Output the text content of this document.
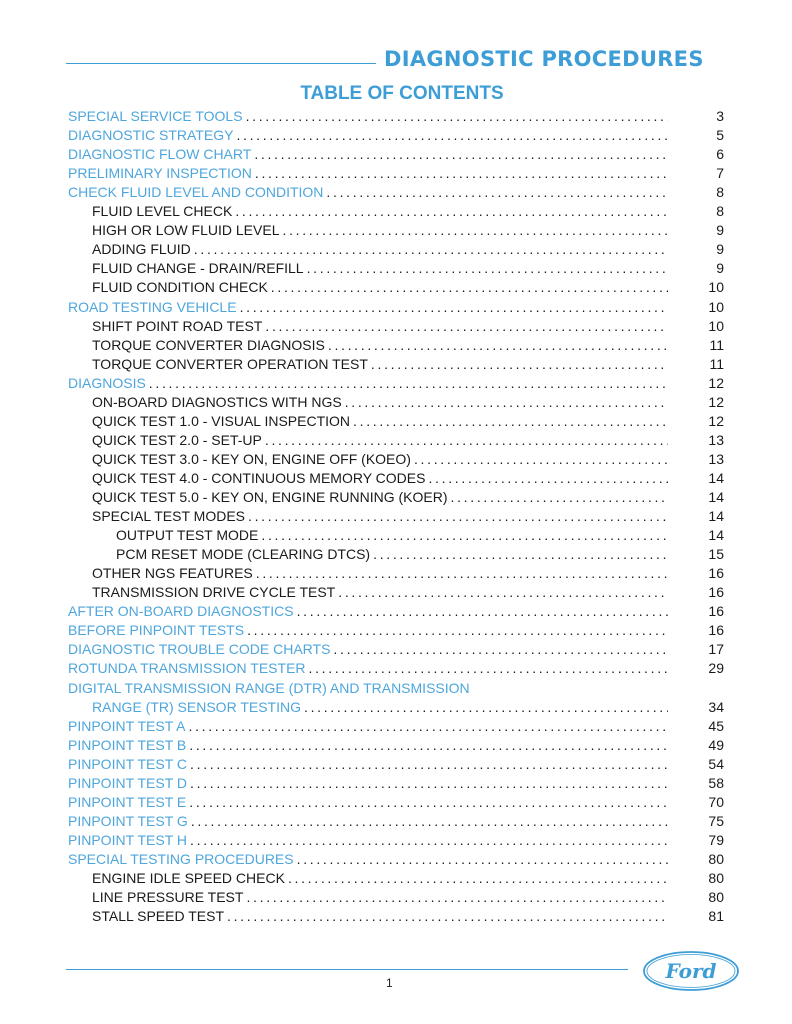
DIAGNOSTIC PROCEDURES
TABLE OF CONTENTS
SPECIAL SERVICE TOOLS . . .	3
DIAGNOSTIC STRATEGY . . .	5
DIAGNOSTIC FLOW CHART . . .	6
PRELIMINARY INSPECTION . . .	7
CHECK FLUID LEVEL AND CONDITION . . .	8
FLUID LEVEL CHECK . . .	8
HIGH OR LOW FLUID LEVEL . . .	9
ADDING FLUID . . .	9
FLUID CHANGE - DRAIN/REFILL . . .	9
FLUID CONDITION CHECK . . .	10
ROAD TESTING VEHICLE . . .	10
SHIFT POINT ROAD TEST . . .	10
TORQUE CONVERTER DIAGNOSIS . . .	11
TORQUE CONVERTER OPERATION TEST . . .	11
DIAGNOSIS . . .	12
ON-BOARD DIAGNOSTICS WITH NGS . . .	12
QUICK TEST 1.0 - VISUAL INSPECTION . . .	12
QUICK TEST 2.0 - SET-UP . . .	13
QUICK TEST 3.0 - KEY ON, ENGINE OFF (KOEO) . . .	13
QUICK TEST 4.0 - CONTINUOUS MEMORY CODES . . .	14
QUICK TEST 5.0 - KEY ON, ENGINE RUNNING (KOER) . . .	14
SPECIAL TEST MODES . . .	14
OUTPUT TEST MODE . . .	14
PCM RESET MODE (CLEARING DTCS) . . .	15
OTHER NGS FEATURES . . .	16
TRANSMISSION DRIVE CYCLE TEST . . .	16
AFTER ON-BOARD DIAGNOSTICS . . .	16
BEFORE PINPOINT TESTS . . .	16
DIAGNOSTIC TROUBLE CODE CHARTS . . .	17
ROTUNDA TRANSMISSION TESTER . . .	29
DIGITAL TRANSMISSION RANGE (DTR) AND TRANSMISSION
RANGE (TR) SENSOR TESTING . . .	34
PINPOINT TEST A . . .	45
PINPOINT TEST B . . .	49
PINPOINT TEST C . . .	54
PINPOINT TEST D . . .	58
PINPOINT TEST E . . .	70
PINPOINT TEST G . . .	75
PINPOINT TEST H . . .	79
SPECIAL TESTING PROCEDURES . . .	80
ENGINE IDLE SPEED CHECK . . .	80
LINE PRESSURE TEST . . .	80
STALL SPEED TEST . . .	81
1	Ford
